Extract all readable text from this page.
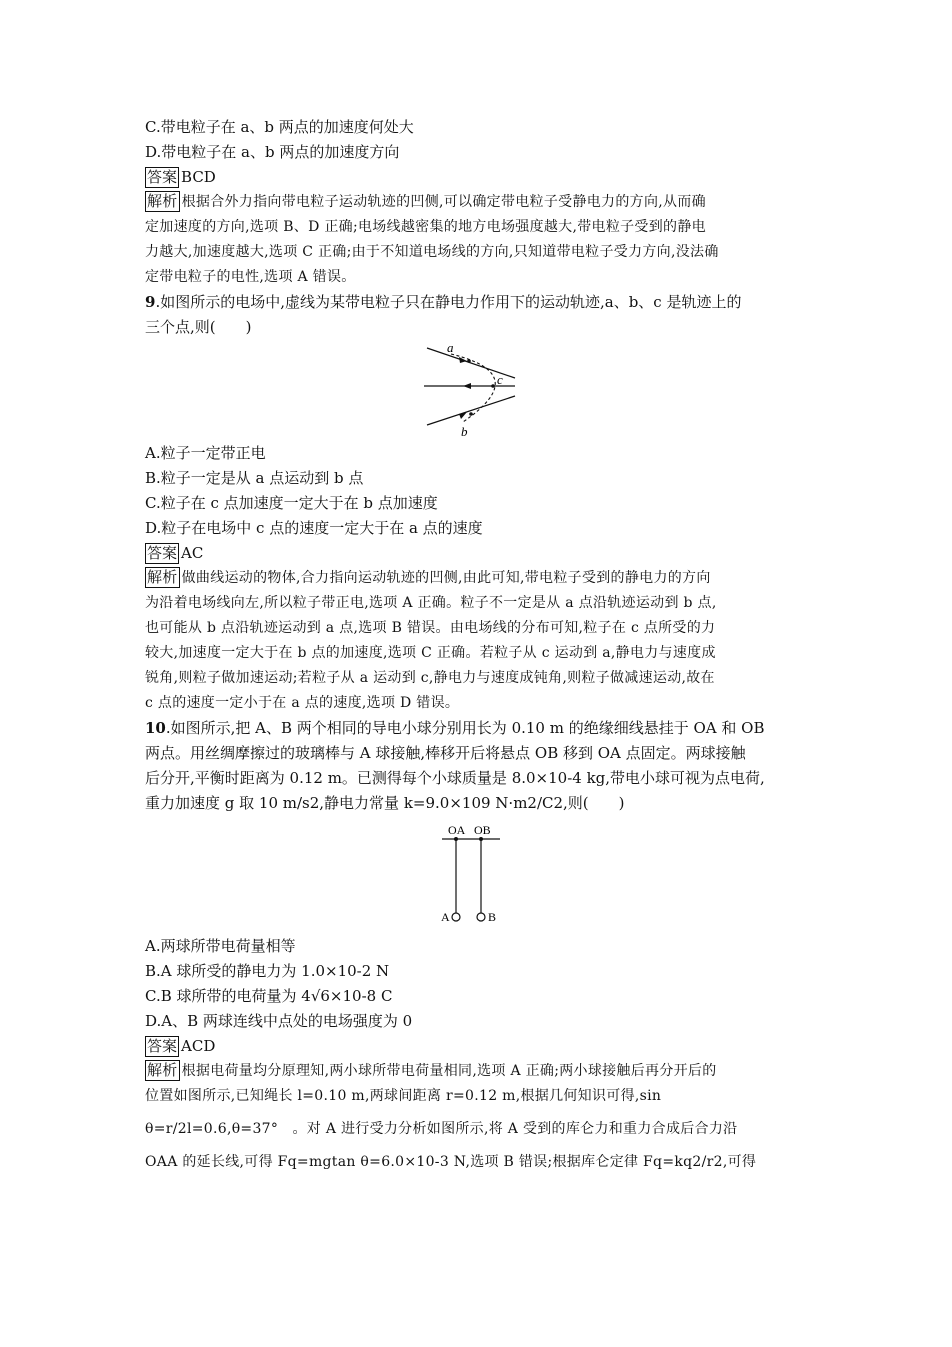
C.带电粒子在 a、b 两点的加速度何处大
D.带电粒子在 a、b 两点的加速度方向
答案 BCD
解析 根据合外力指向带电粒子运动轨迹的凹侧,可以确定带电粒子受静电力的方向,从而确
定加速度的方向,选项 B、D 正确;电场线越密集的地方电场强度越大,带电粒子受到的静电
力越大,加速度越大,选项 C 正确;由于不知道电场线的方向,只知道带电粒子受力方向,没法确
定带电粒子的电性,选项 A 错误。
9.如图所示的电场中,虚线为某带电粒子只在静电力作用下的运动轨迹,a、b、c 是轨迹上的
三个点,则(　　)
a
c
b
A.粒子一定带正电
B.粒子一定是从 a 点运动到 b 点
C.粒子在 c 点加速度一定大于在 b 点加速度
D.粒子在电场中 c 点的速度一定大于在 a 点的速度
答案 AC
解析 做曲线运动的物体,合力指向运动轨迹的凹侧,由此可知,带电粒子受到的静电力的方向
为沿着电场线向左,所以粒子带正电,选项 A 正确。粒子不一定是从 a 点沿轨迹运动到 b 点,
也可能从 b 点沿轨迹运动到 a 点,选项 B 错误。由电场线的分布可知,粒子在 c 点所受的力
较大,加速度一定大于在 b 点的加速度,选项 C 正确。若粒子从 c 运动到 a,静电力与速度成
锐角,则粒子做加速运动;若粒子从 a 运动到 c,静电力与速度成钝角,则粒子做减速运动,故在
c 点的速度一定小于在 a 点的速度,选项 D 错误。
10.如图所示,把 A、B 两个相同的导电小球分别用长为 0.10 m 的绝缘细线悬挂于 OA 和 OB
两点。用丝绸摩擦过的玻璃棒与 A 球接触,棒移开后将悬点 OB 移到 OA 点固定。两球接触
后分开,平衡时距离为 0.12 m。已测得每个小球质量是 8.0×10-4 kg,带电小球可视为点电荷,
重力加速度 g 取 10 m/s2,静电力常量 k=9.0×109 N·m2/C2,则(　　)
OA OB
A	B
A.两球所带电荷量相等
B.A 球所受的静电力为 1.0×10-2 N
C.B 球所带的电荷量为 4√6×10-8 C
D.A、B 两球连线中点处的电场强度为 0
答案 ACD
解析 根据电荷量均分原理知,两小球所带电荷量相同,选项 A 正确;两小球接触后再分开后的
位置如图所示,已知绳长 l=0.10 m,两球间距离 r=0.12 m,根据几何知识可得,sin
θ=r/2l=0.6,θ=37°　。对 A 进行受力分析如图所示,将 A 受到的库仑力和重力合成后合力沿
OAA 的延长线,可得 Fq=mgtan θ=6.0×10-3 N,选项 B 错误;根据库仑定律 Fq=kq2/r2,可得
